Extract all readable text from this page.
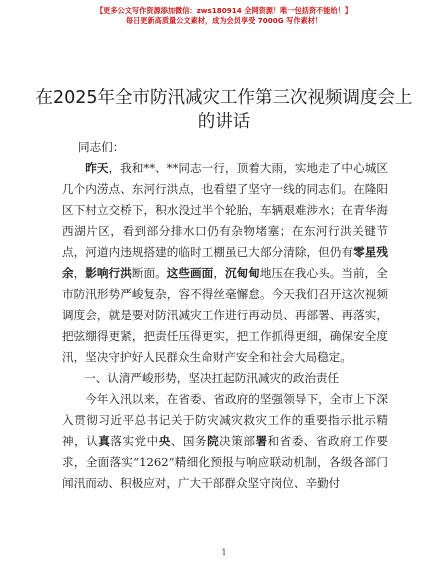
【更多公文写作资源添加微信：zws180914 全网资源！唯一包括资不能给！】
每日更新高质量公文素材，成为会员享受 7000G 写作素材！
在2025年全市防汛减灾工作第三次视频调度会上的讲话
同志们：

昨天，我和**、**同志一行，顶着大雨，实地走了中心城区几个内涝点、东河行洪点，也看望了坚守一线的同志们。在隆阳区下村立交桥下，积水没过半个轮胎，车辆艰难涉水；在青华海西湖片区，看到部分排水口仍有杂物堵塞；在东河行洪关键节点，河道内违规搭建的临时工棚虽已大部分清除，但仍有零星残余，影响行洪断面。这些画面，沉甸甸地压在我心头。当前，全市防汛形势严峻复杂，容不得丝毫懈怠。今天我们召开这次视频调度会，就是要对防汛减灾工作进行再动员、再部署、再落实，把弦绷得更紧，把责任压得更实，把工作抓得更细，确保安全度汛，坚决守护好人民群众生命财产安全和社会大局稳定。

一、认清严峻形势，坚决扛起防汛减灾的政治责任

今年入汛以来，在省委、省政府的坚强领导下，全市上下深入贯彻习近平总书记关于防灾减灾救灾工作的重要指示批示精神，认真落实党中央、国务院决策部署和省委、省政府工作要求，全面落实“1262”精细化预报与响应联动机制，各级各部门闻汛而动、积极应对，广大干部群众坚守岗位、辛勤付

1
